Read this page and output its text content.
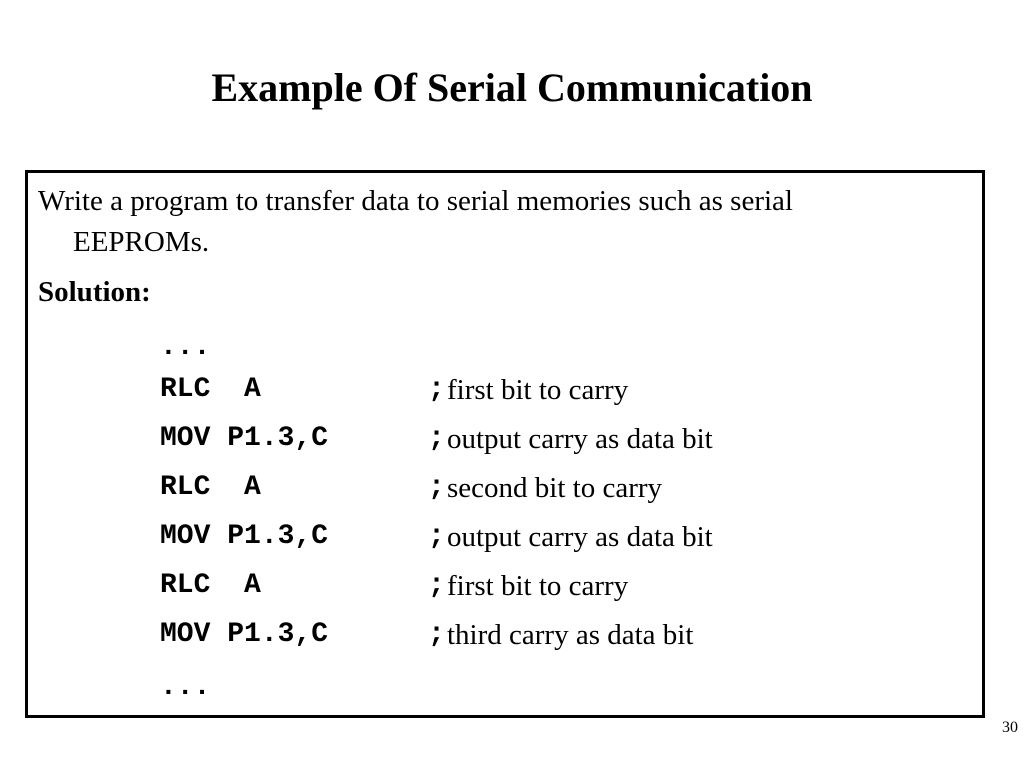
Example Of Serial Communication
Write a program to transfer data to serial memories such as serial
EEPROMs.
Solution:
...
RLC  A	; first bit to carry
MOV P1.3,C	; output carry as data bit
RLC  A	; second bit to carry
MOV P1.3,C	; output carry as data bit
RLC  A	; first bit to carry
MOV P1.3,C	; third carry as data bit
...
30
